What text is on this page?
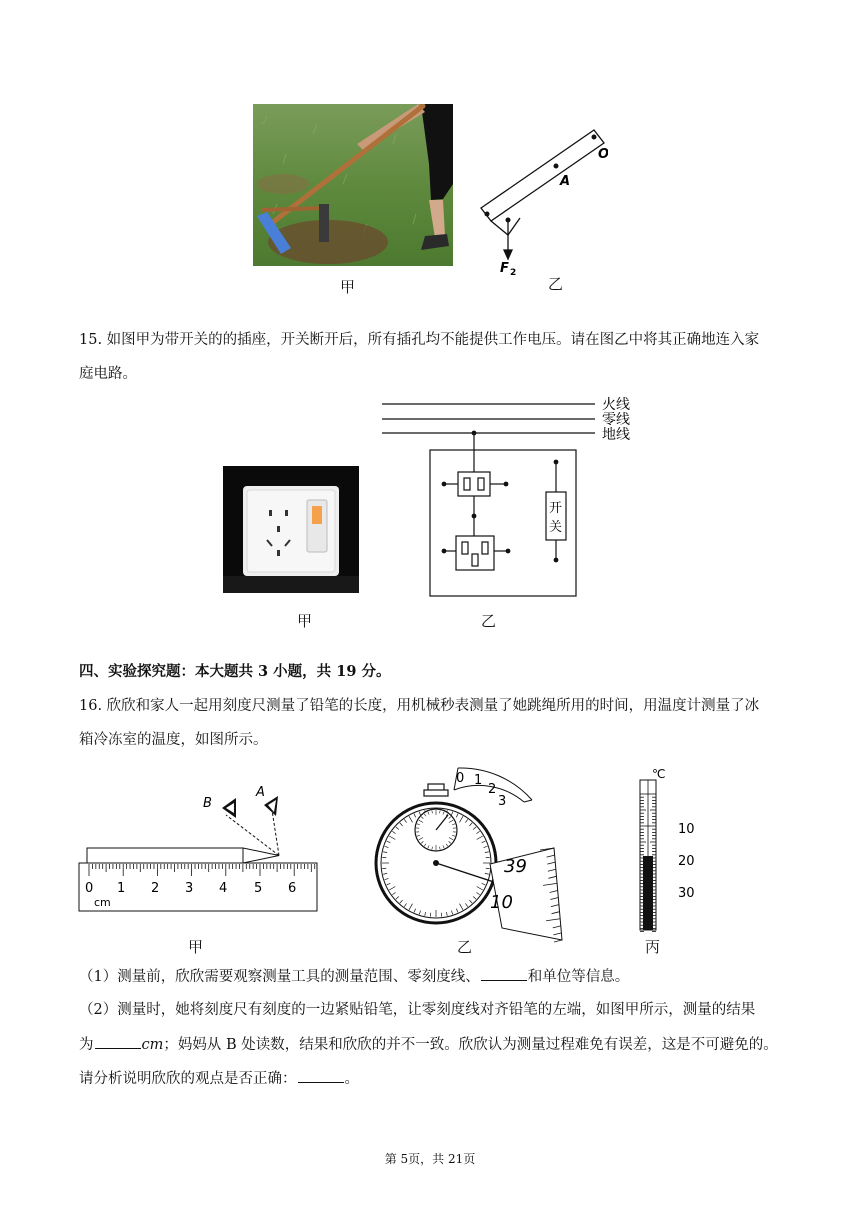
O
A
F 2
甲	乙
15. 如图甲为带开关的的插座，开关断开后，所有插孔均不能提供工作电压。请在图乙中将其正确地连入家
庭电路。
火线
零线
地线
开
关
甲	乙
四、实验探究题：本大题共 3 小题，共 19 分。
16. 欣欣和家人一起用刻度尺测量了铅笔的长度，用机械秒表测量了她跳绳所用的时间，用温度计测量了冰
箱冷冻室的温度，如图所示。
0 1 2 3 4 5 6
cm
B
A
0 1
2
3
39
10
℃
10
20
30
甲	乙	丙
（1）测量前，欣欣需要观察测量工具的测量范围、零刻度线、	和单位等信息。
（2）测量时，她将刻度尺有刻度的一边紧贴铅笔，让零刻度线对齐铅笔的左端，如图甲所示，测量的结果
为	cm；妈妈从 B 处读数，结果和欣欣的并不一致。欣欣认为测量过程难免有误差，这是不可避免的。
请分析说明欣欣的观点是否正确：	。
第 5页，共 21页
